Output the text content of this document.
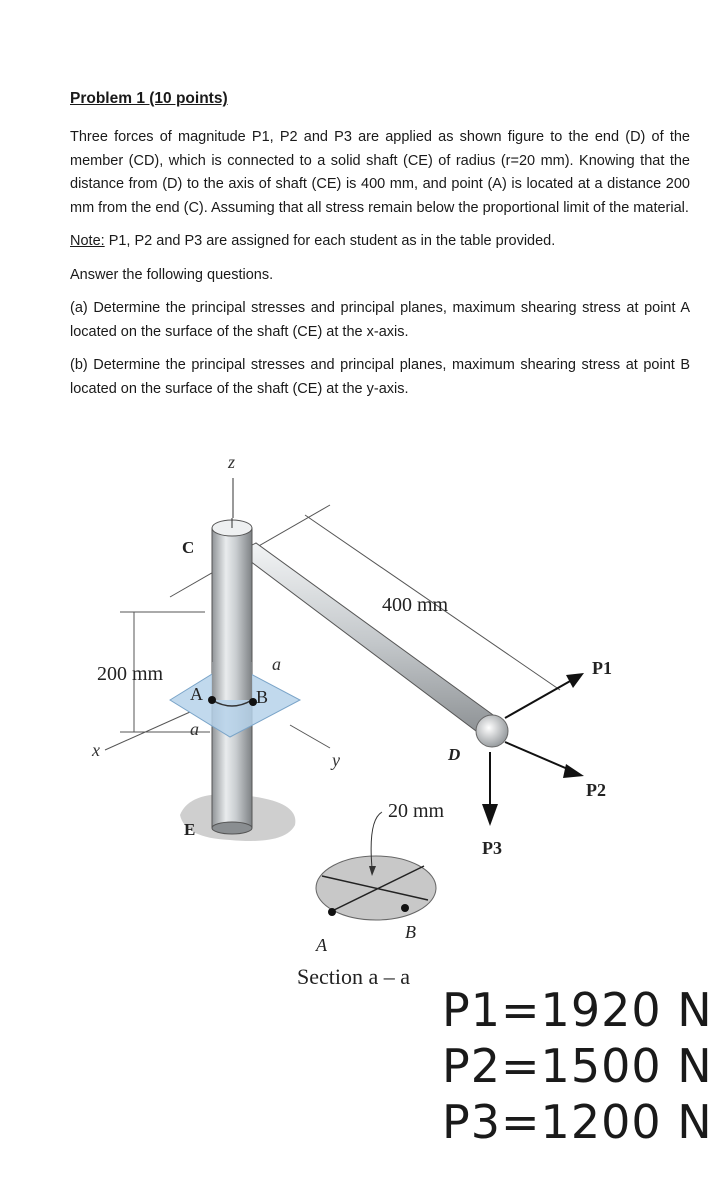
Problem 1 (10 points)

Three forces of magnitude P1, P2 and P3 are applied as shown figure to the end (D) of the member (CD), which is connected to a solid shaft (CE) of radius (r=20 mm). Knowing that the distance from (D) to the axis of shaft (CE) is 400 mm, and point (A) is located at a distance 200 mm from the end (C). Assuming that all stress remain below the proportional limit of the material.

Note: P1, P2 and P3 are assigned for each student as in the table provided.

Answer the following questions.

(a) Determine the principal stresses and principal planes, maximum shearing stress at point A located on the surface of the shaft (CE) at the x-axis.

(b) Determine the principal stresses and principal planes, maximum shearing stress at point B located on the surface of the shaft (CE) at the y-axis.

z
C
400 mm
200 mm	a
a
A	B
x	y	D
E
20 mm
P1
P2
P3
A
B
Section a – a
P1=1920 N
P2=1500 N
P3=1200 N
